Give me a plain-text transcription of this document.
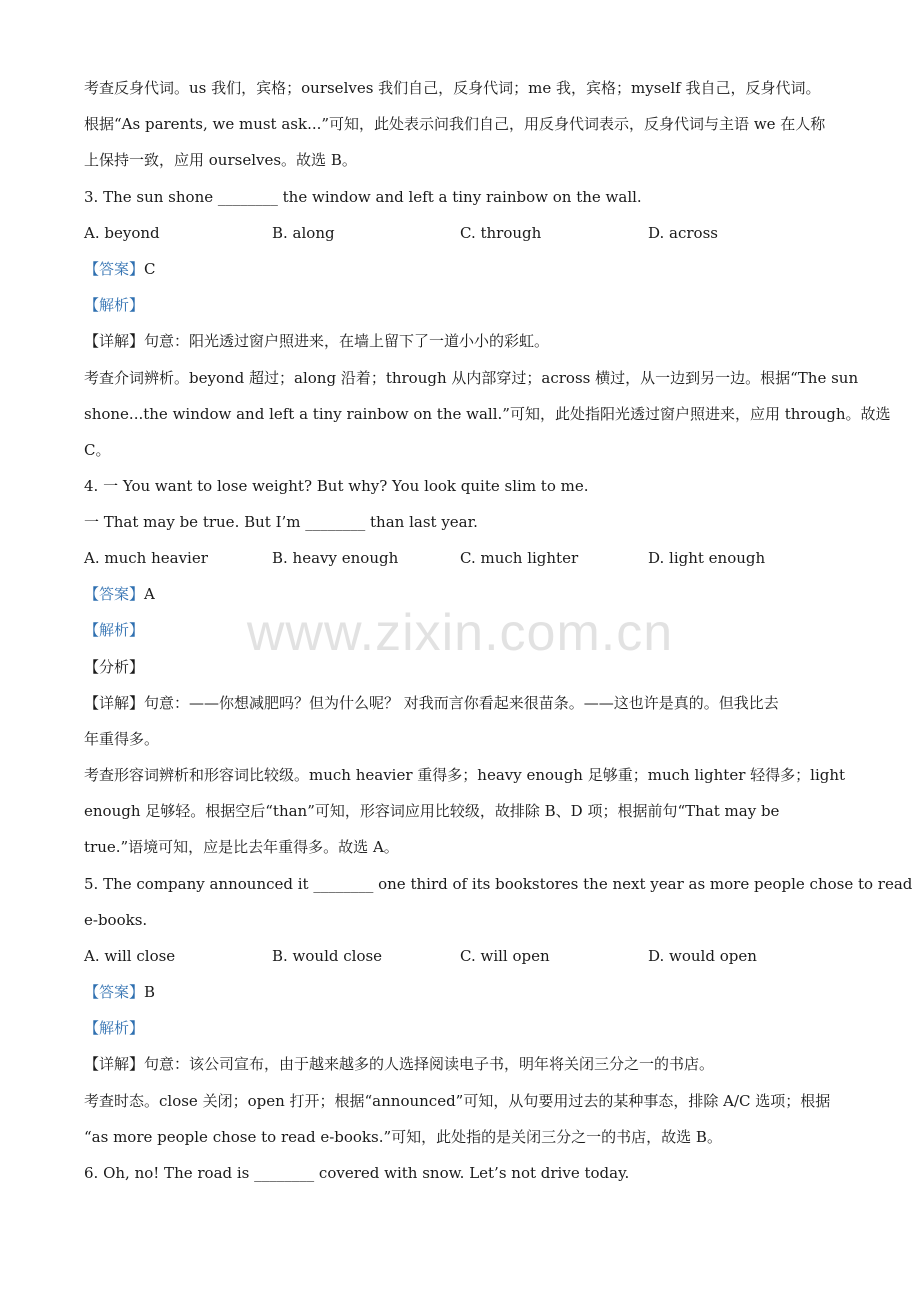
考查反身代词。us 我们，宾格；ourselves 我们自己，反身代词；me 我，宾格；myself 我自己，反身代词。
根据“As parents, we must ask...”可知，此处表示问我们自己，用反身代词表示，反身代词与主语 we 在人称
上保持一致，应用 ourselves。故选 B。
3. The sun shone ________ the window and left a tiny rainbow on the wall.
A. beyond	B. along	C. through	D. across
【答案】C
【解析】
【详解】句意：阳光透过窗户照进来，在墙上留下了一道小小的彩虹。
考查介词辨析。beyond 超过；along 沿着；through 从内部穿过；across 横过，从一边到另一边。根据“The sun
shone...the window and left a tiny rainbow on the wall.”可知，此处指阳光透过窗户照进来，应用 through。故选
C。
4. 一 You want to lose weight? But why? You look quite slim to me.
一 That may be true. But I’m ________ than last year.
A. much heavier	B. heavy enough	C. much lighter	D. light enough
【答案】A
【解析】
【分析】
【详解】句意：——你想减肥吗？但为什么呢？ 对我而言你看起来很苗条。——这也许是真的。但我比去
年重得多。
考查形容词辨析和形容词比较级。much heavier 重得多；heavy enough 足够重；much lighter 轻得多；light
enough 足够轻。根据空后“than”可知，形容词应用比较级，故排除 B、D 项；根据前句“That may be
true.”语境可知，应是比去年重得多。故选 A。
5. The company announced it ________ one third of its bookstores the next year as more people chose to read
e-books.
A. will close	B. would close	C. will open	D. would open
【答案】B
【解析】
【详解】句意：该公司宣布，由于越来越多的人选择阅读电子书，明年将关闭三分之一的书店。
考查时态。close 关闭；open 打开；根据“announced”可知，从句要用过去的某种事态，排除 A/C 选项；根据
“as more people chose to read e-books.”可知，此处指的是关闭三分之一的书店，故选 B。
6. Oh, no! The road is ________ covered with snow. Let’s not drive today.
www.zixin.com.cn
